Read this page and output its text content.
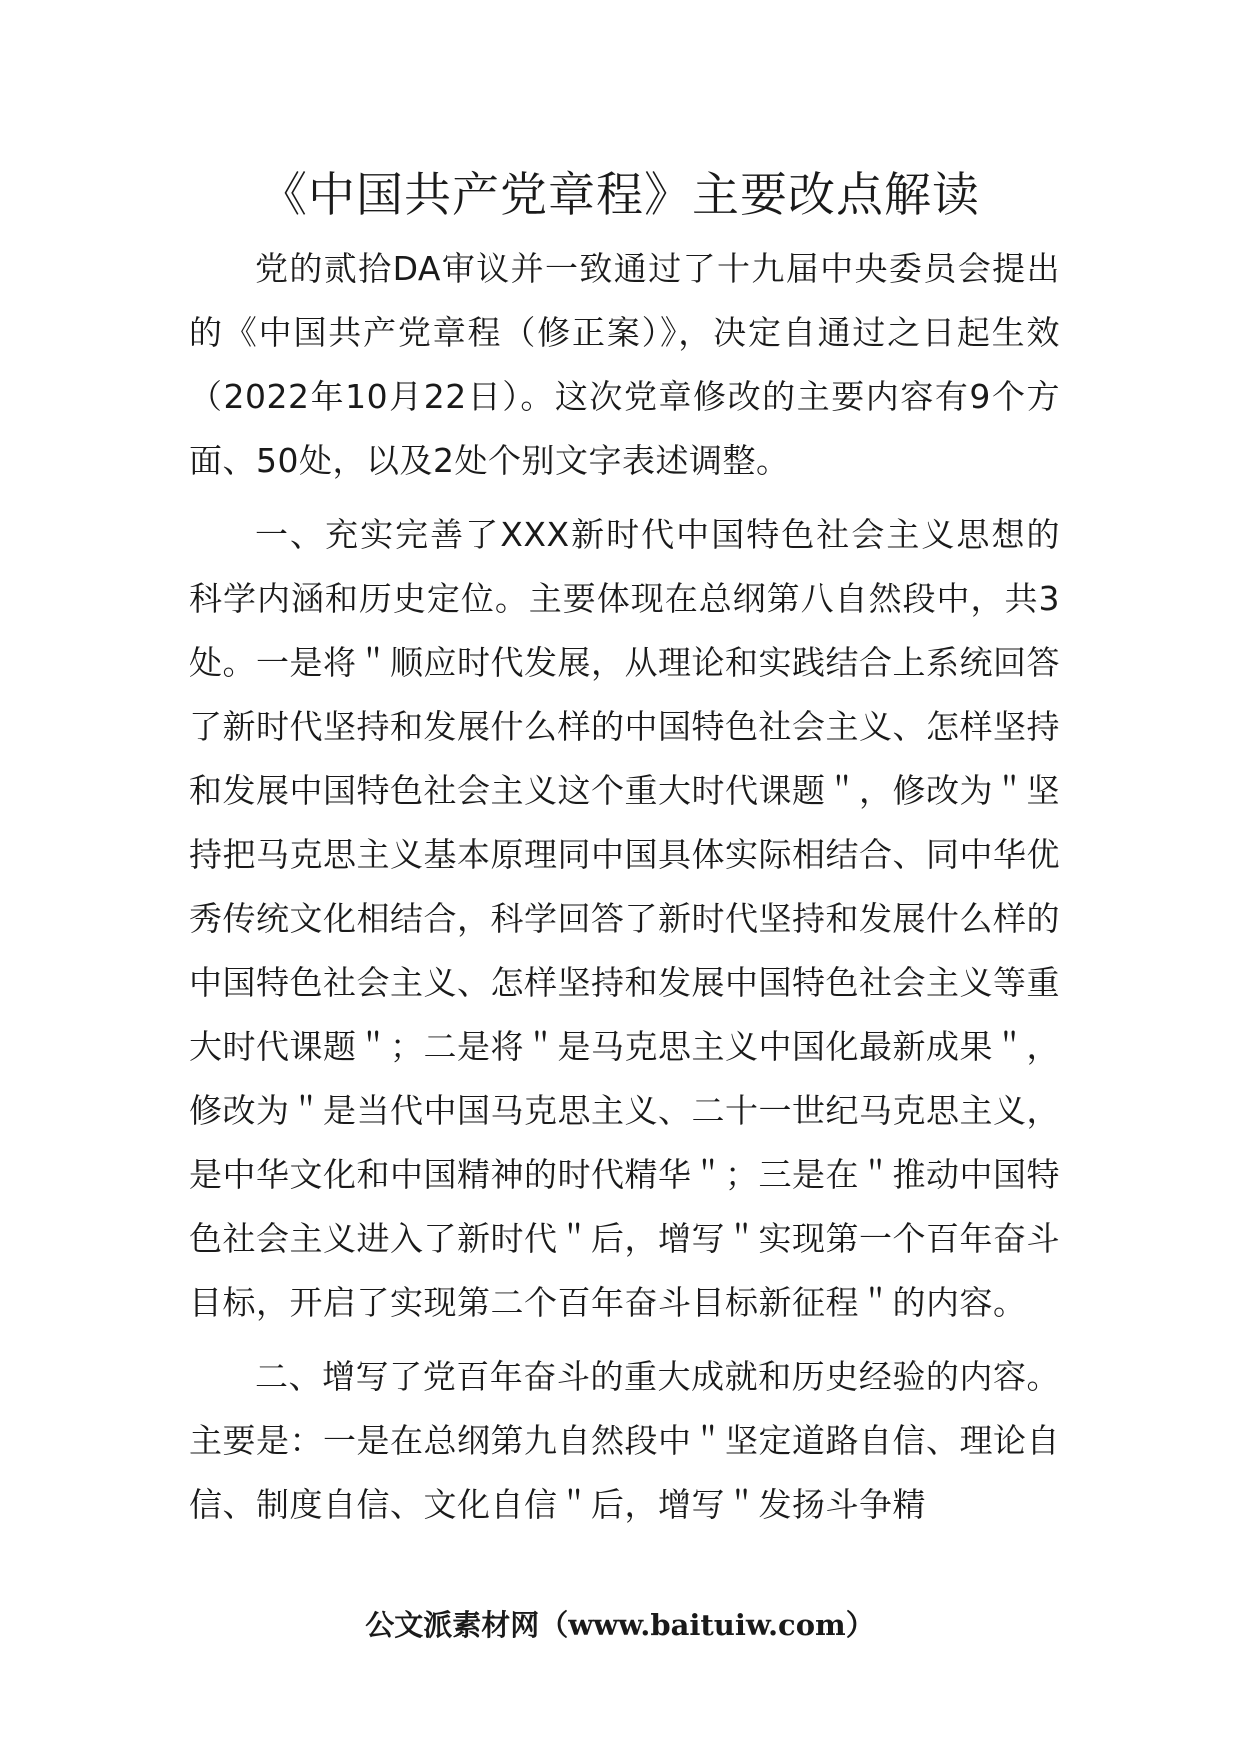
《中国共产党章程》主要改点解读

党的贰拾DA审议并一致通过了十九届中央委员会提出的《中国共产党章程（修正案）》，决定自通过之日起生效（2022年10月22日）。这次党章修改的主要内容有9个方面、50处，以及2处个别文字表述调整。

一、充实完善了XXX新时代中国特色社会主义思想的科学内涵和历史定位。主要体现在总纲第八自然段中，共3处。一是将＂顺应时代发展，从理论和实践结合上系统回答了新时代坚持和发展什么样的中国特色社会主义、怎样坚持和发展中国特色社会主义这个重大时代课题＂，修改为＂坚持把马克思主义基本原理同中国具体实际相结合、同中华优秀传统文化相结合，科学回答了新时代坚持和发展什么样的中国特色社会主义、怎样坚持和发展中国特色社会主义等重大时代课题＂；二是将＂是马克思主义中国化最新成果＂，修改为＂是当代中国马克思主义、二十一世纪马克思主义，是中华文化和中国精神的时代精华＂；三是在＂推动中国特色社会主义进入了新时代＂后，增写＂实现第一个百年奋斗目标，开启了实现第二个百年奋斗目标新征程＂的内容。

二、增写了党百年奋斗的重大成就和历史经验的内容。主要是：一是在总纲第九自然段中＂坚定道路自信、理论自信、制度自信、文化自信＂后，增写＂发扬斗争精

公文派素材网（www.baituiw.com）
